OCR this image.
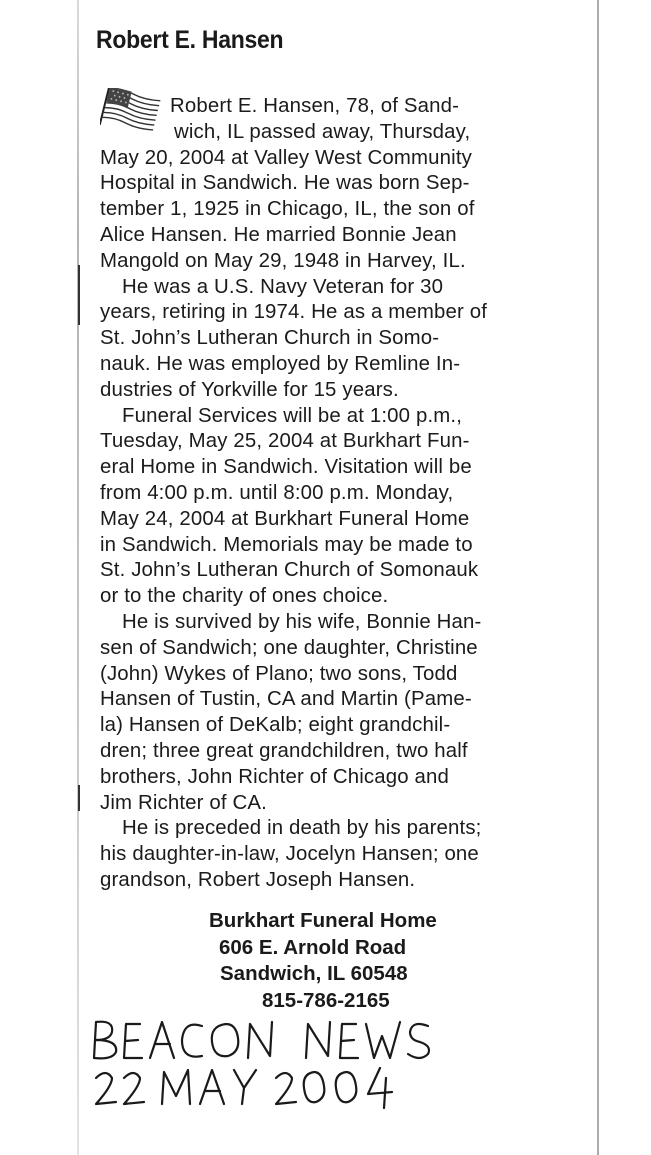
Robert E. Hansen
Robert E. Hansen, 78, of Sand-
wich, IL passed away, Thursday,
May 20, 2004 at Valley West Community
Hospital in Sandwich. He was born Sep-
tember 1, 1925 in Chicago, IL, the son of
Alice Hansen. He married Bonnie Jean
Mangold on May 29, 1948 in Harvey, IL.
He was a U.S. Navy Veteran for 30
years, retiring in 1974. He as a member of
St. John’s Lutheran Church in Somo-
nauk. He was employed by Remline In-
dustries of Yorkville for 15 years.
Funeral Services will be at 1:00 p.m.,
Tuesday, May 25, 2004 at Burkhart Fun-
eral Home in Sandwich. Visitation will be
from 4:00 p.m. until 8:00 p.m. Monday,
May 24, 2004 at Burkhart Funeral Home
in Sandwich. Memorials may be made to
St. John’s Lutheran Church of Somonauk
or to the charity of ones choice.
He is survived by his wife, Bonnie Han-
sen of Sandwich; one daughter, Christine
(John) Wykes of Plano; two sons, Todd
Hansen of Tustin, CA and Martin (Pame-
la) Hansen of DeKalb; eight grandchil-
dren; three great grandchildren, two half
brothers, John Richter of Chicago and
Jim Richter of CA.
He is preceded in death by his parents;
his daughter-in-law, Jocelyn Hansen; one
grandson, Robert Joseph Hansen.
Burkhart Funeral Home
606 E. Arnold Road
Sandwich, IL 60548
815-786-2165
